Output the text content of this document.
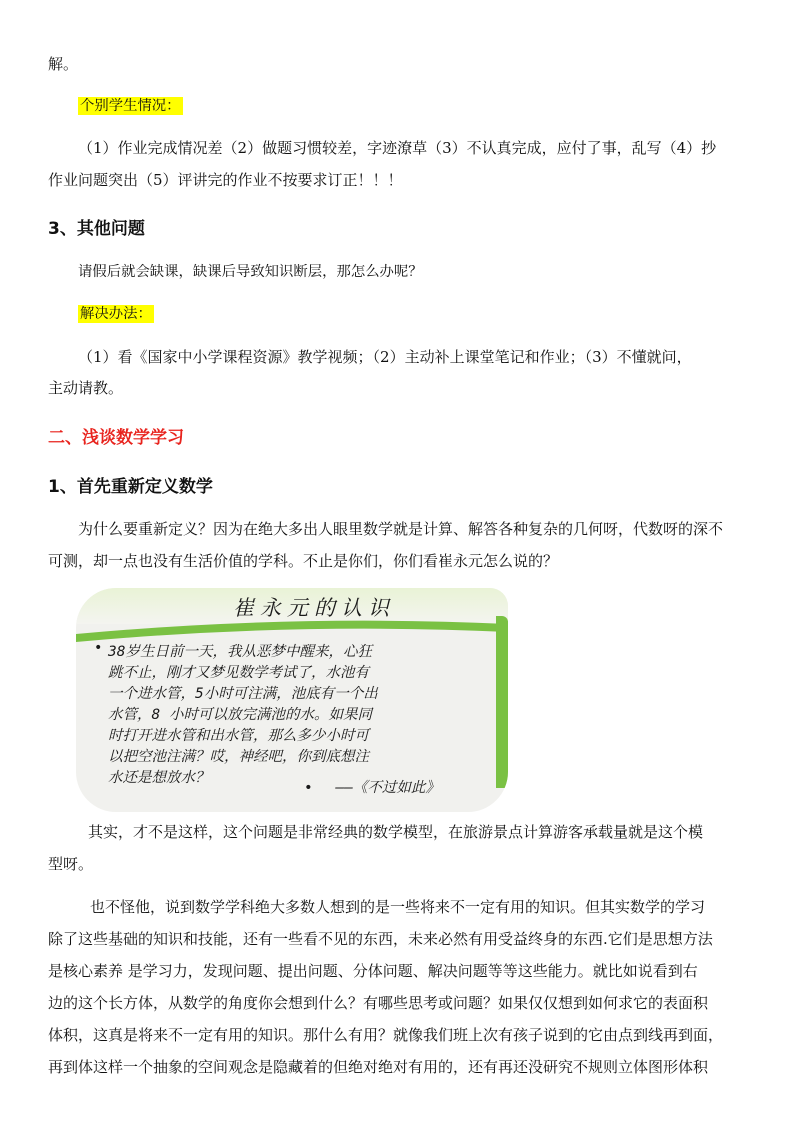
解。
个别学生情况：
（1）作业完成情况差（2）做题习惯较差，字迹潦草（3）不认真完成，应付了事，乱写（4）抄
作业问题突出（5）评讲完的作业不按要求订正！！！
3、其他问题
请假后就会缺课，缺课后导致知识断层，那怎么办呢？
解决办法：
（1）看《国家中小学课程资源》教学视频；（2）主动补上课堂笔记和作业；（3）不懂就问，
主动请教。
二、浅谈数学学习
1、首先重新定义数学
为什么要重新定义？因为在绝大多出人眼里数学就是计算、解答各种复杂的几何呀，代数呀的深不
可测，却一点也没有生活价值的学科。不止是你们，你们看崔永元怎么说的？
崔永元的认识
• 38岁生日前一天，我从恶梦中醒来，心狂
跳不止，刚才又梦见数学考试了，水池有
一个进水管，5小时可注满，池底有一个出
水管，8 小时可以放完满池的水。如果同
时打开进水管和出水管，那么多少小时可
以把空池注满？哎，神经吧，你到底想注
水还是想放水？
• ——《不过如此》
其实，才不是这样，这个问题是非常经典的数学模型，在旅游景点计算游客承载量就是这个模
型呀。
也不怪他，说到数学学科绝大多数人想到的是一些将来不一定有用的知识。但其实数学的学习
除了这些基础的知识和技能，还有一些看不见的东西，未来必然有用受益终身的东西.它们是思想方法
是核心素养 是学习力，发现问题、提出问题、分体问题、解决问题等等这些能力。就比如说看到右
边的这个长方体，从数学的角度你会想到什么？有哪些思考或问题？如果仅仅想到如何求它的表面积
体积，这真是将来不一定有用的知识。那什么有用？就像我们班上次有孩子说到的它由点到线再到面，
再到体这样一个抽象的空间观念是隐藏着的但绝对绝对有用的，还有再还没研究不规则立体图形体积
